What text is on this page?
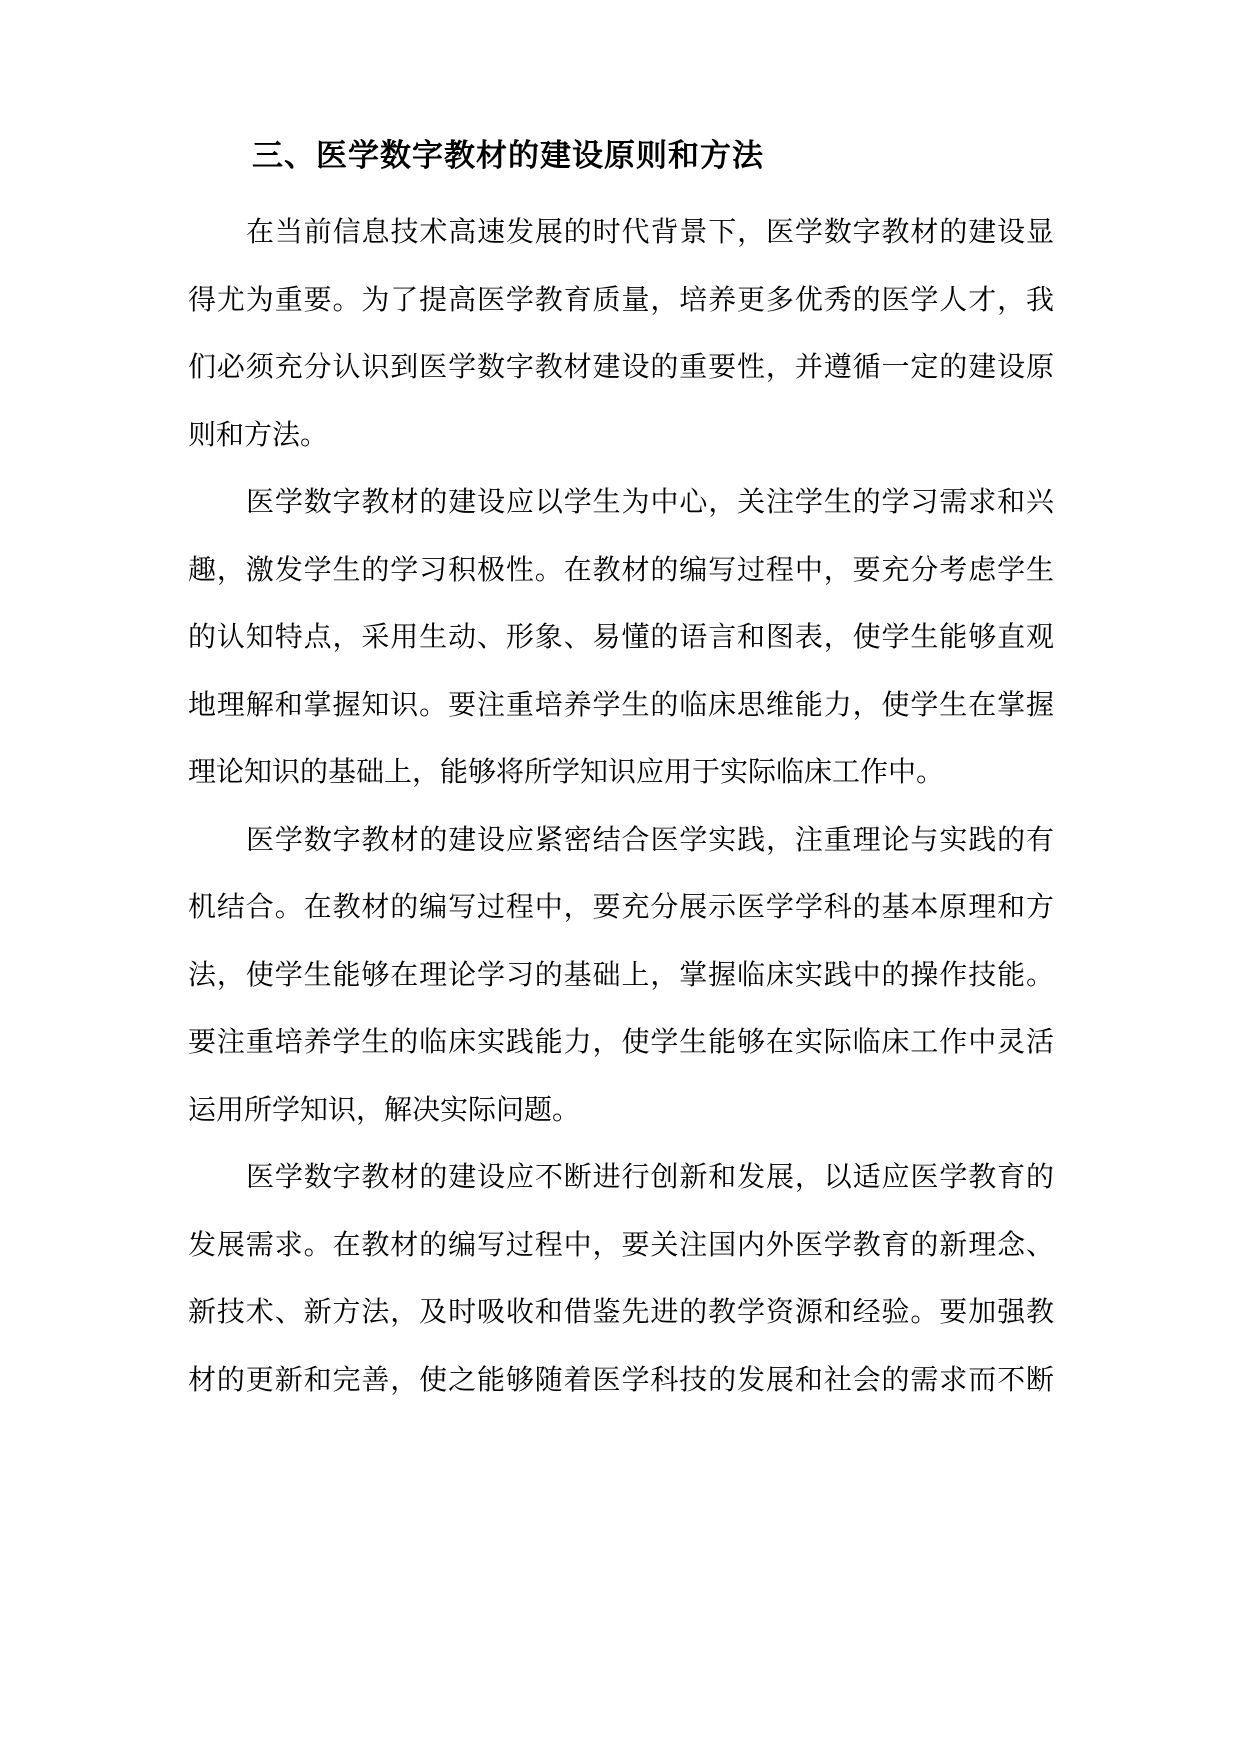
三、医学数字教材的建设原则和方法
在当前信息技术高速发展的时代背景下，医学数字教材的建设显
得尤为重要。为了提高医学教育质量，培养更多优秀的医学人才，我
们必须充分认识到医学数字教材建设的重要性，并遵循一定的建设原
则和方法。
医学数字教材的建设应以学生为中心，关注学生的学习需求和兴
趣，激发学生的学习积极性。在教材的编写过程中，要充分考虑学生
的认知特点，采用生动、形象、易懂的语言和图表，使学生能够直观
地理解和掌握知识。要注重培养学生的临床思维能力，使学生在掌握
理论知识的基础上，能够将所学知识应用于实际临床工作中。
医学数字教材的建设应紧密结合医学实践，注重理论与实践的有
机结合。在教材的编写过程中，要充分展示医学学科的基本原理和方
法，使学生能够在理论学习的基础上，掌握临床实践中的操作技能。
要注重培养学生的临床实践能力，使学生能够在实际临床工作中灵活
运用所学知识，解决实际问题。
医学数字教材的建设应不断进行创新和发展，以适应医学教育的
发展需求。在教材的编写过程中，要关注国内外医学教育的新理念、
新技术、新方法，及时吸收和借鉴先进的教学资源和经验。要加强教
材的更新和完善，使之能够随着医学科技的发展和社会的需求而不断
